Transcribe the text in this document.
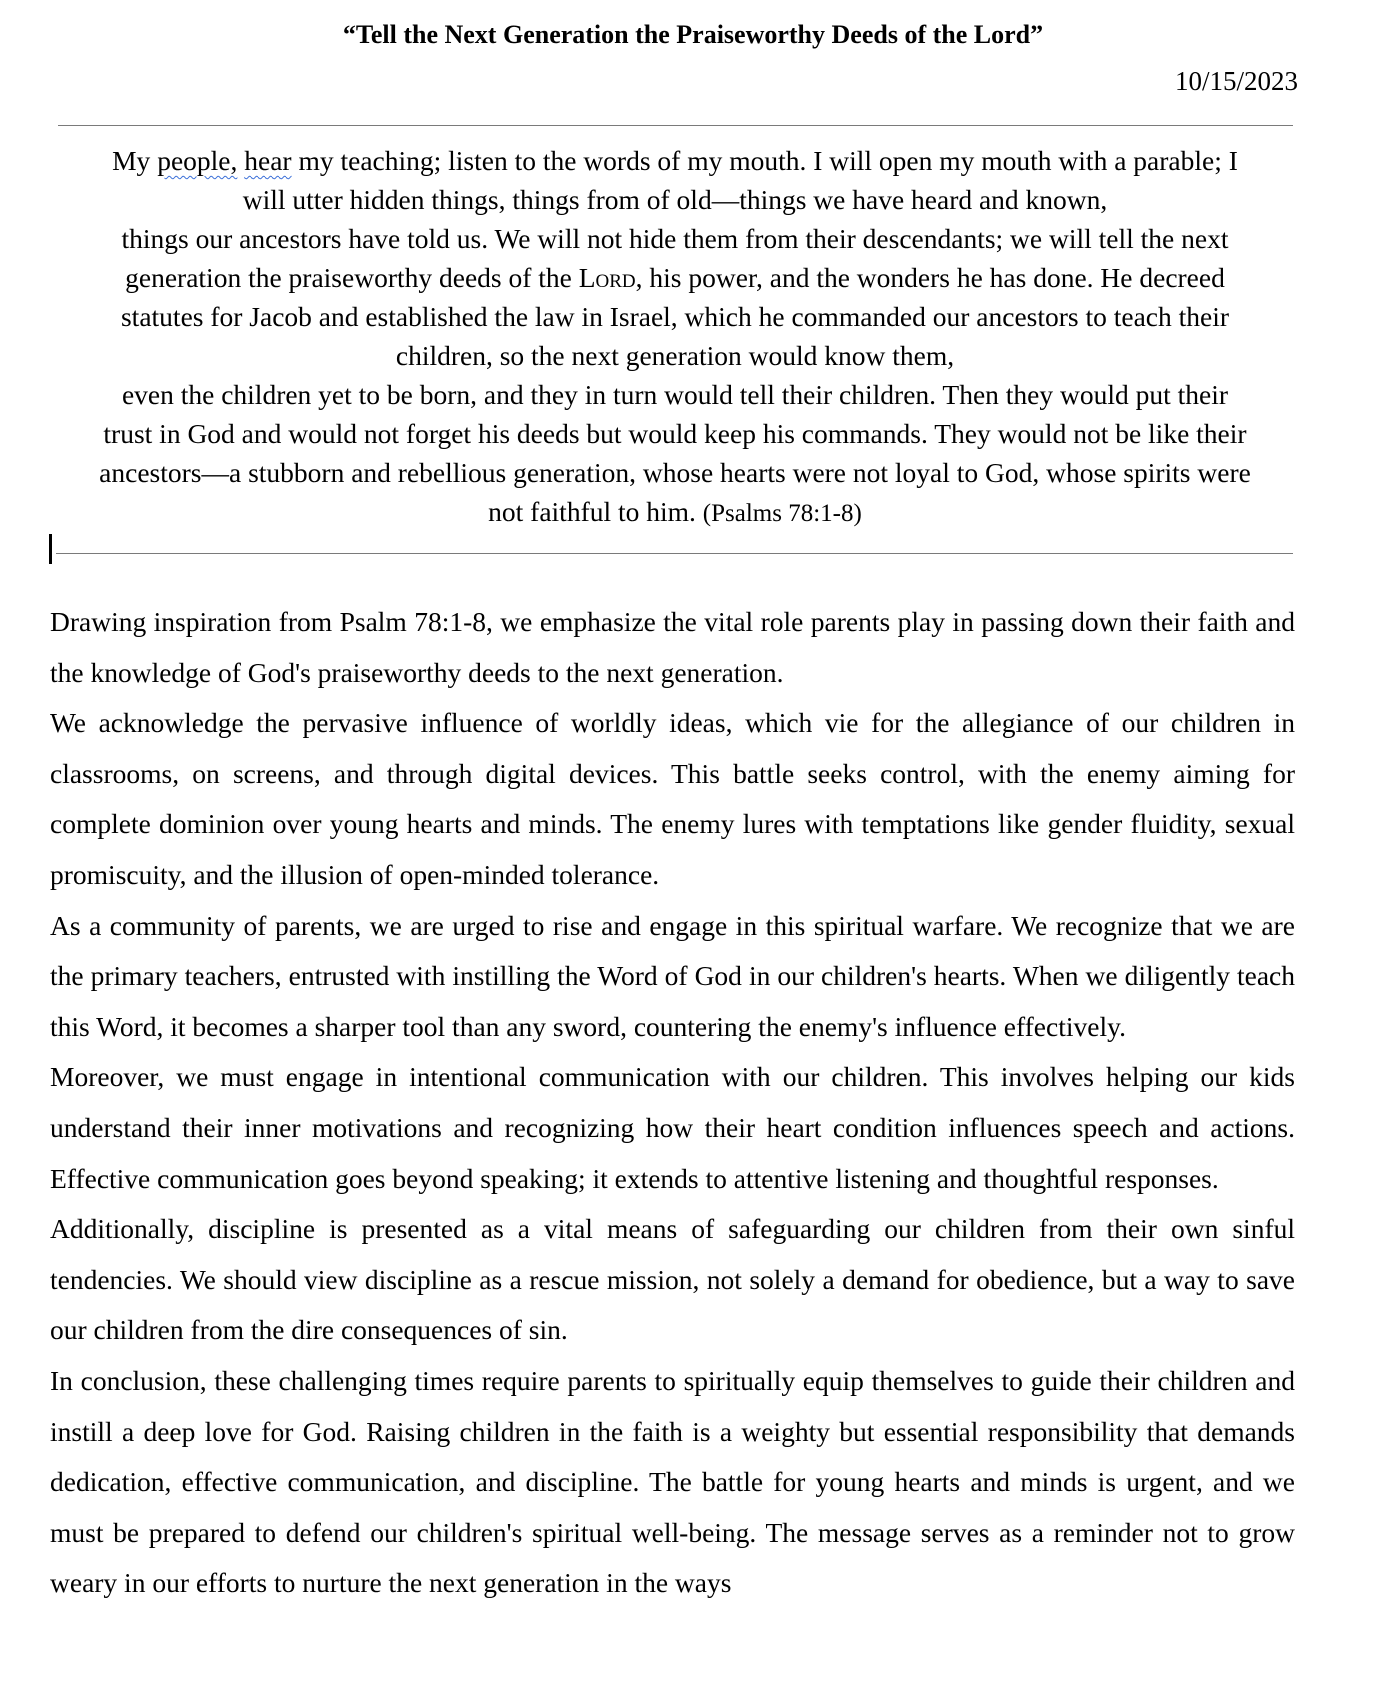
“Tell the Next Generation the Praiseworthy Deeds of the Lord”
10/15/2023
My people, hear my teaching; listen to the words of my mouth. I will open my mouth with a parable; I
will utter hidden things, things from of old—things we have heard and known,
things our ancestors have told us. We will not hide them from their descendants; we will tell the next
generation the praiseworthy deeds of the Lord, his power, and the wonders he has done. He decreed
statutes for Jacob and established the law in Israel, which he commanded our ancestors to teach their
children, so the next generation would know them,
even the children yet to be born, and they in turn would tell their children. Then they would put their
trust in God and would not forget his deeds but would keep his commands. They would not be like their
ancestors—a stubborn and rebellious generation, whose hearts were not loyal to God, whose spirits were
not faithful to him. (Psalms 78:1-8)

Drawing inspiration from Psalm 78:1-8, we emphasize the vital role parents play in passing down their faith and the knowledge of God's praiseworthy deeds to the next generation.

We acknowledge the pervasive influence of worldly ideas, which vie for the allegiance of our children in classrooms, on screens, and through digital devices. This battle seeks control, with the enemy aiming for complete dominion over young hearts and minds. The enemy lures with temptations like gender fluidity, sexual promiscuity, and the illusion of open-minded tolerance.

As a community of parents, we are urged to rise and engage in this spiritual warfare. We recognize that we are the primary teachers, entrusted with instilling the Word of God in our children's hearts. When we diligently teach this Word, it becomes a sharper tool than any sword, countering the enemy's influence effectively.

Moreover, we must engage in intentional communication with our children. This involves helping our kids understand their inner motivations and recognizing how their heart condition influences speech and actions. Effective communication goes beyond speaking; it extends to attentive listening and thoughtful responses.

Additionally, discipline is presented as a vital means of safeguarding our children from their own sinful tendencies. We should view discipline as a rescue mission, not solely a demand for obedience, but a way to save our children from the dire consequences of sin.

In conclusion, these challenging times require parents to spiritually equip themselves to guide their children and instill a deep love for God. Raising children in the faith is a weighty but essential responsibility that demands dedication, effective communication, and discipline. The battle for young hearts and minds is urgent, and we must be prepared to defend our children's spiritual well-being. The message serves as a reminder not to grow weary in our efforts to nurture the next generation in the ways
